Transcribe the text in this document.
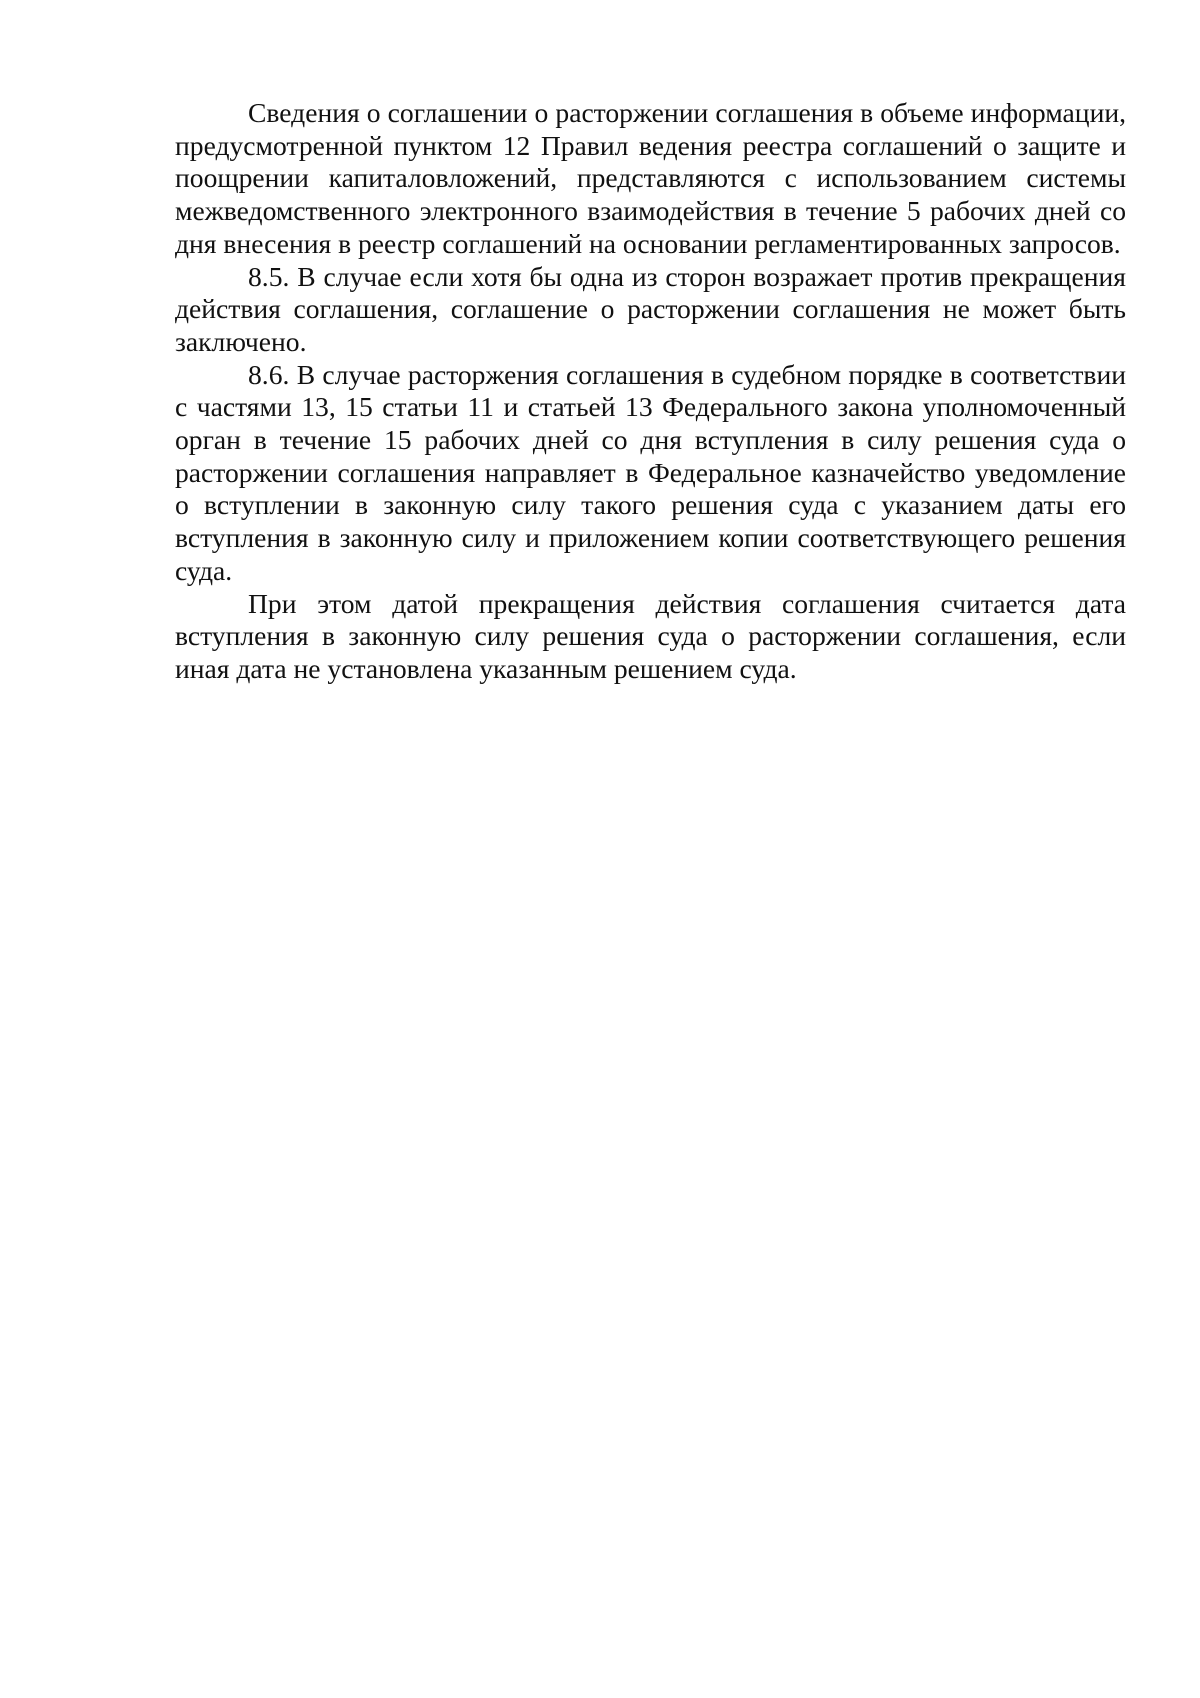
Сведения о соглашении о расторжении соглашения в объеме информации, предусмотренной пунктом 12 Правил ведения реестра соглашений о защите и поощрении капиталовложений, представляются с использованием системы межведомственного электронного взаимодействия в течение 5 рабочих дней со дня внесения в реестр соглашений на основании регламентированных запросов.

8.5. В случае если хотя бы одна из сторон возражает против прекращения действия соглашения, соглашение о расторжении соглашения не может быть заключено.

8.6. В случае расторжения соглашения в судебном порядке в соответствии с частями 13, 15 статьи 11 и статьей 13 Федерального закона уполномоченный орган в течение 15 рабочих дней со дня вступления в силу решения суда о расторжении соглашения направляет в Федеральное казначейство уведомление о вступлении в законную силу такого решения суда с указанием даты его вступления в законную силу и приложением копии соответствующего решения суда.

При этом датой прекращения действия соглашения считается дата вступления в законную силу решения суда о расторжении соглашения, если иная дата не установлена указанным решением суда.
